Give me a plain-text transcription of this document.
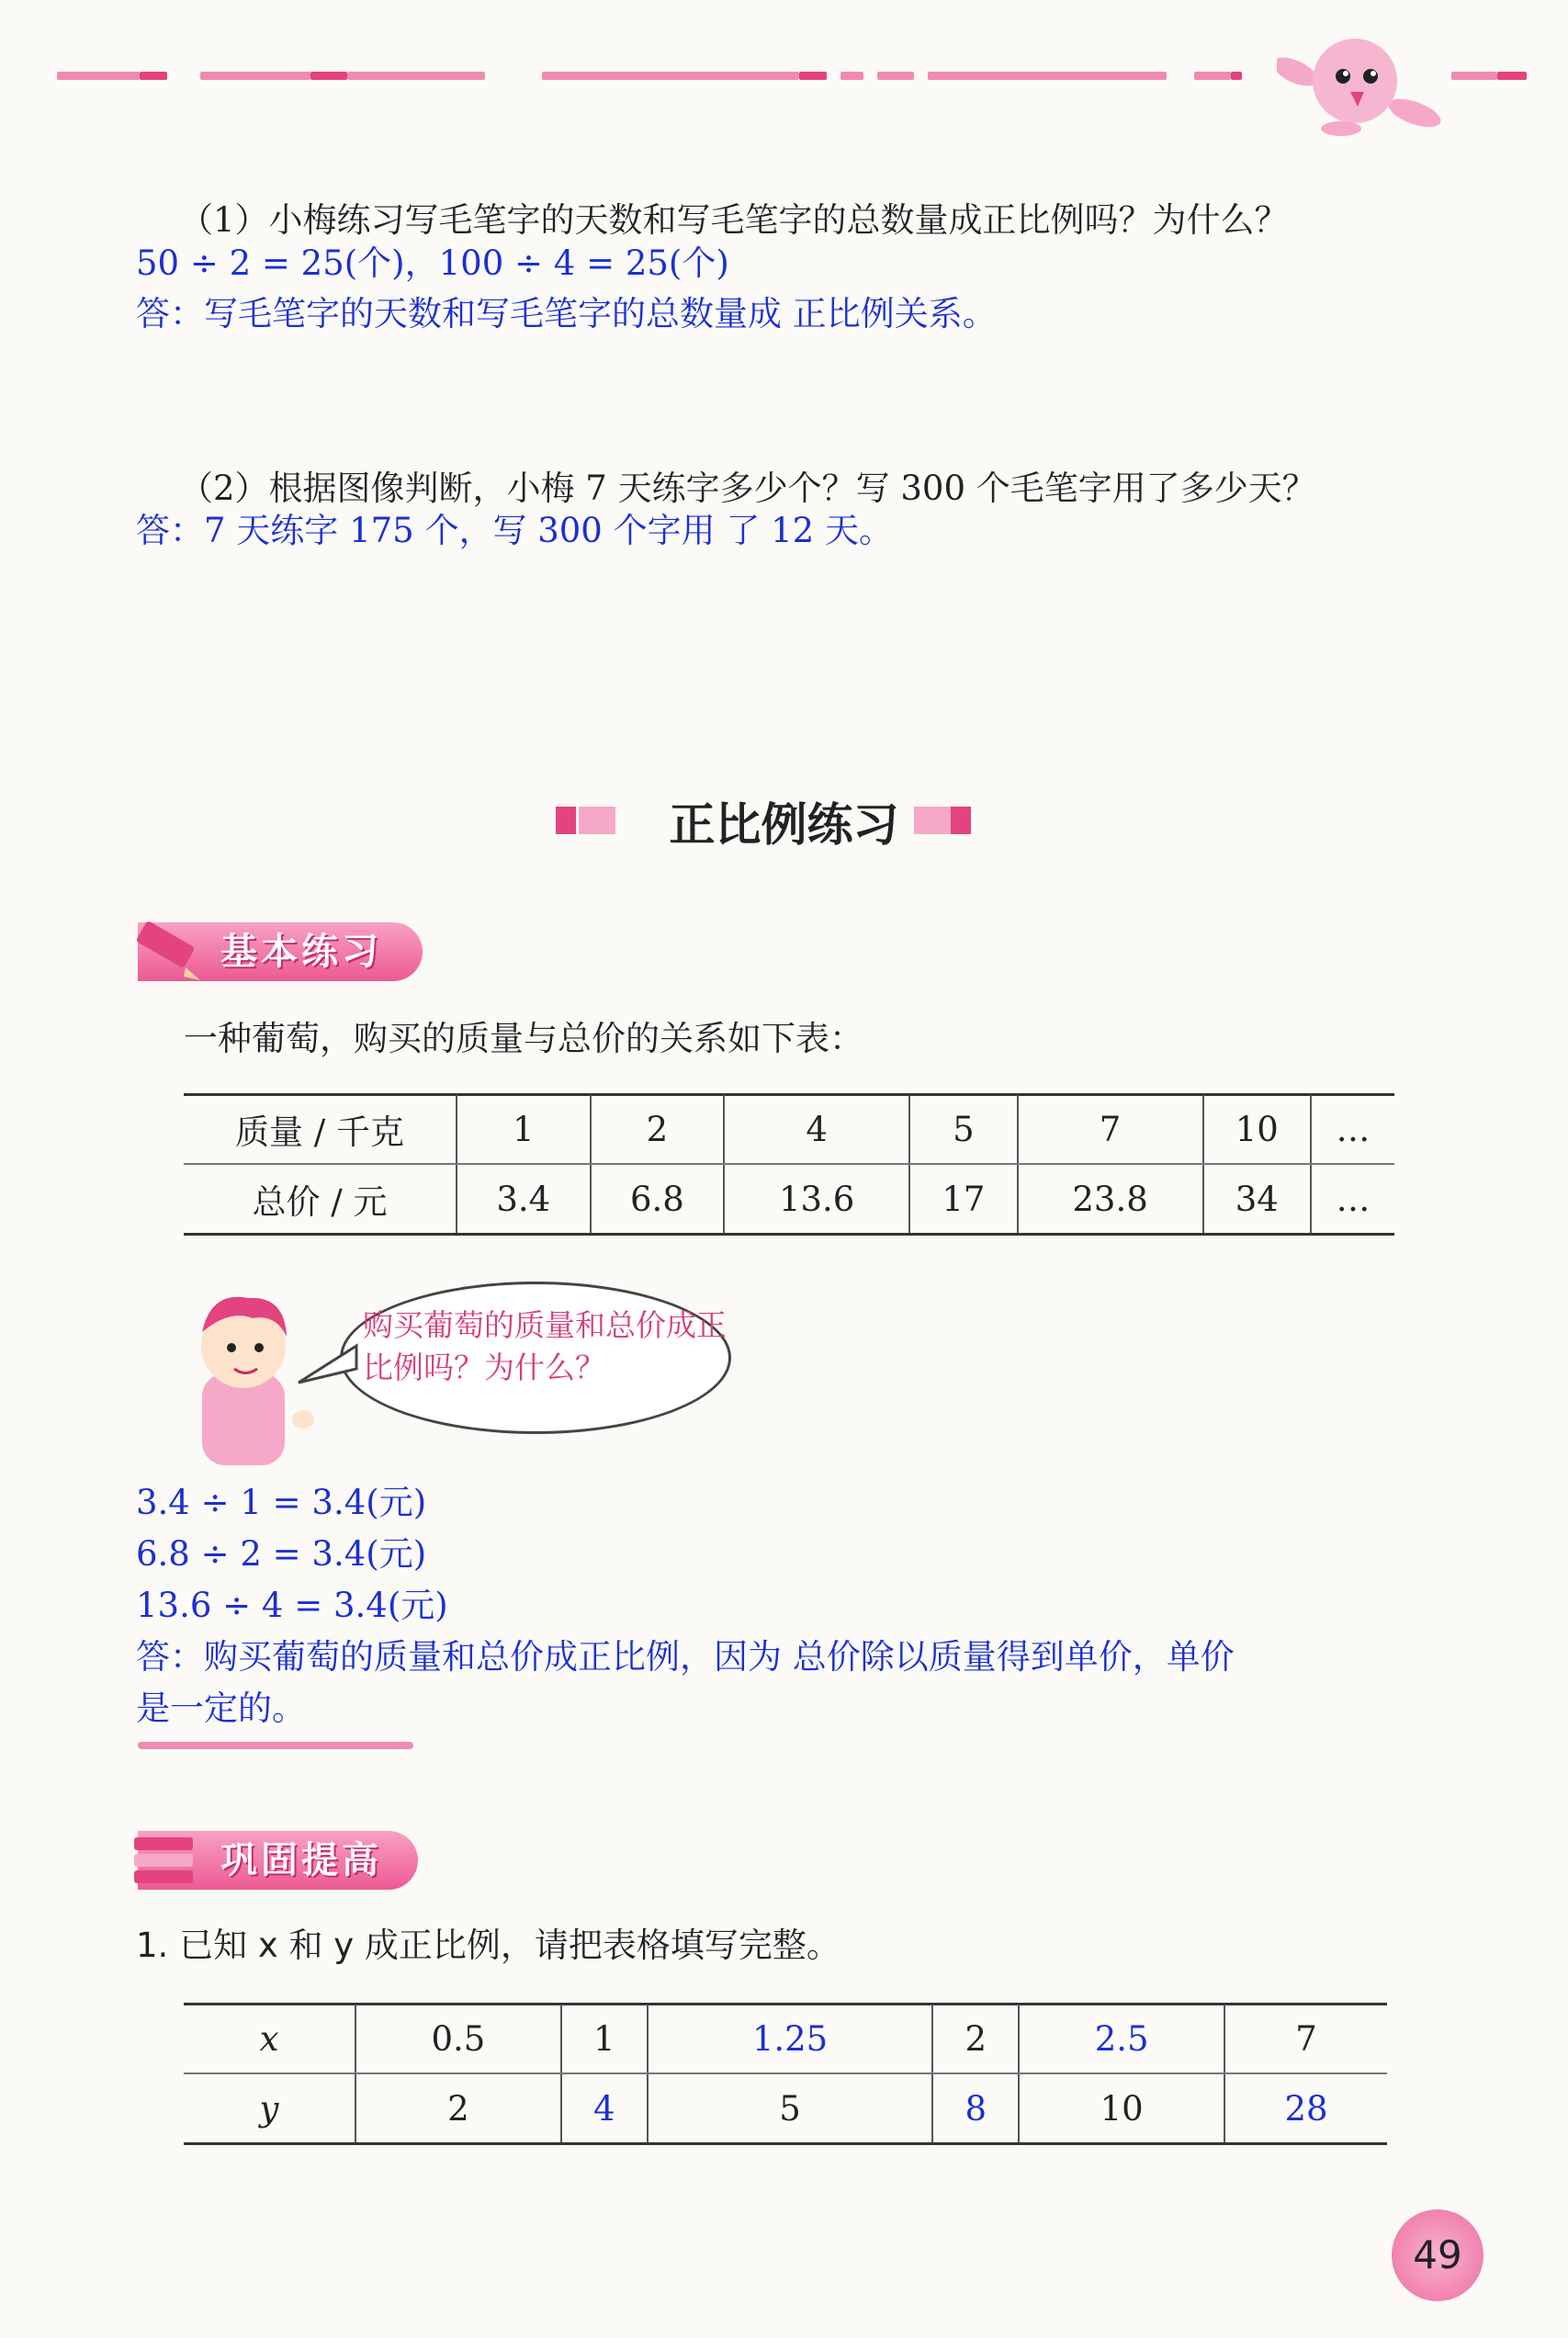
（1）小梅练习写毛笔字的天数和写毛笔字的总数量成正比例吗？为什么？
50 ÷ 2 = 25(个)，100 ÷ 4 = 25(个)
答：写毛笔字的天数和写毛笔字的总数量成 正比例关系。
（2）根据图像判断，小梅 7 天练字多少个？写 300 个毛笔字用了多少天？
答：7 天练字 175 个，写 300 个字用 了 12 天。
正比例练习
基本练习
一种葡萄，购买的质量与总价的关系如下表：
质量 / 千克	1	2	4	5	7	10	…
总价 / 元	3.4	6.8	13.6	17	23.8	34	…
购买葡萄的质量和总价成正比例吗？为什么？
3.4 ÷ 1 = 3.4(元)
6.8 ÷ 2 = 3.4(元)
13.6 ÷ 4 = 3.4(元)
答：购买葡萄的质量和总价成正比例，因为 总价除以质量得到单价，单价
是一定的。
巩固提高
1. 已知 x 和 y 成正比例，请把表格填写完整。
x	0.5	1	1.25	2	2.5	7
y	2	4	5	8	10	28
49
